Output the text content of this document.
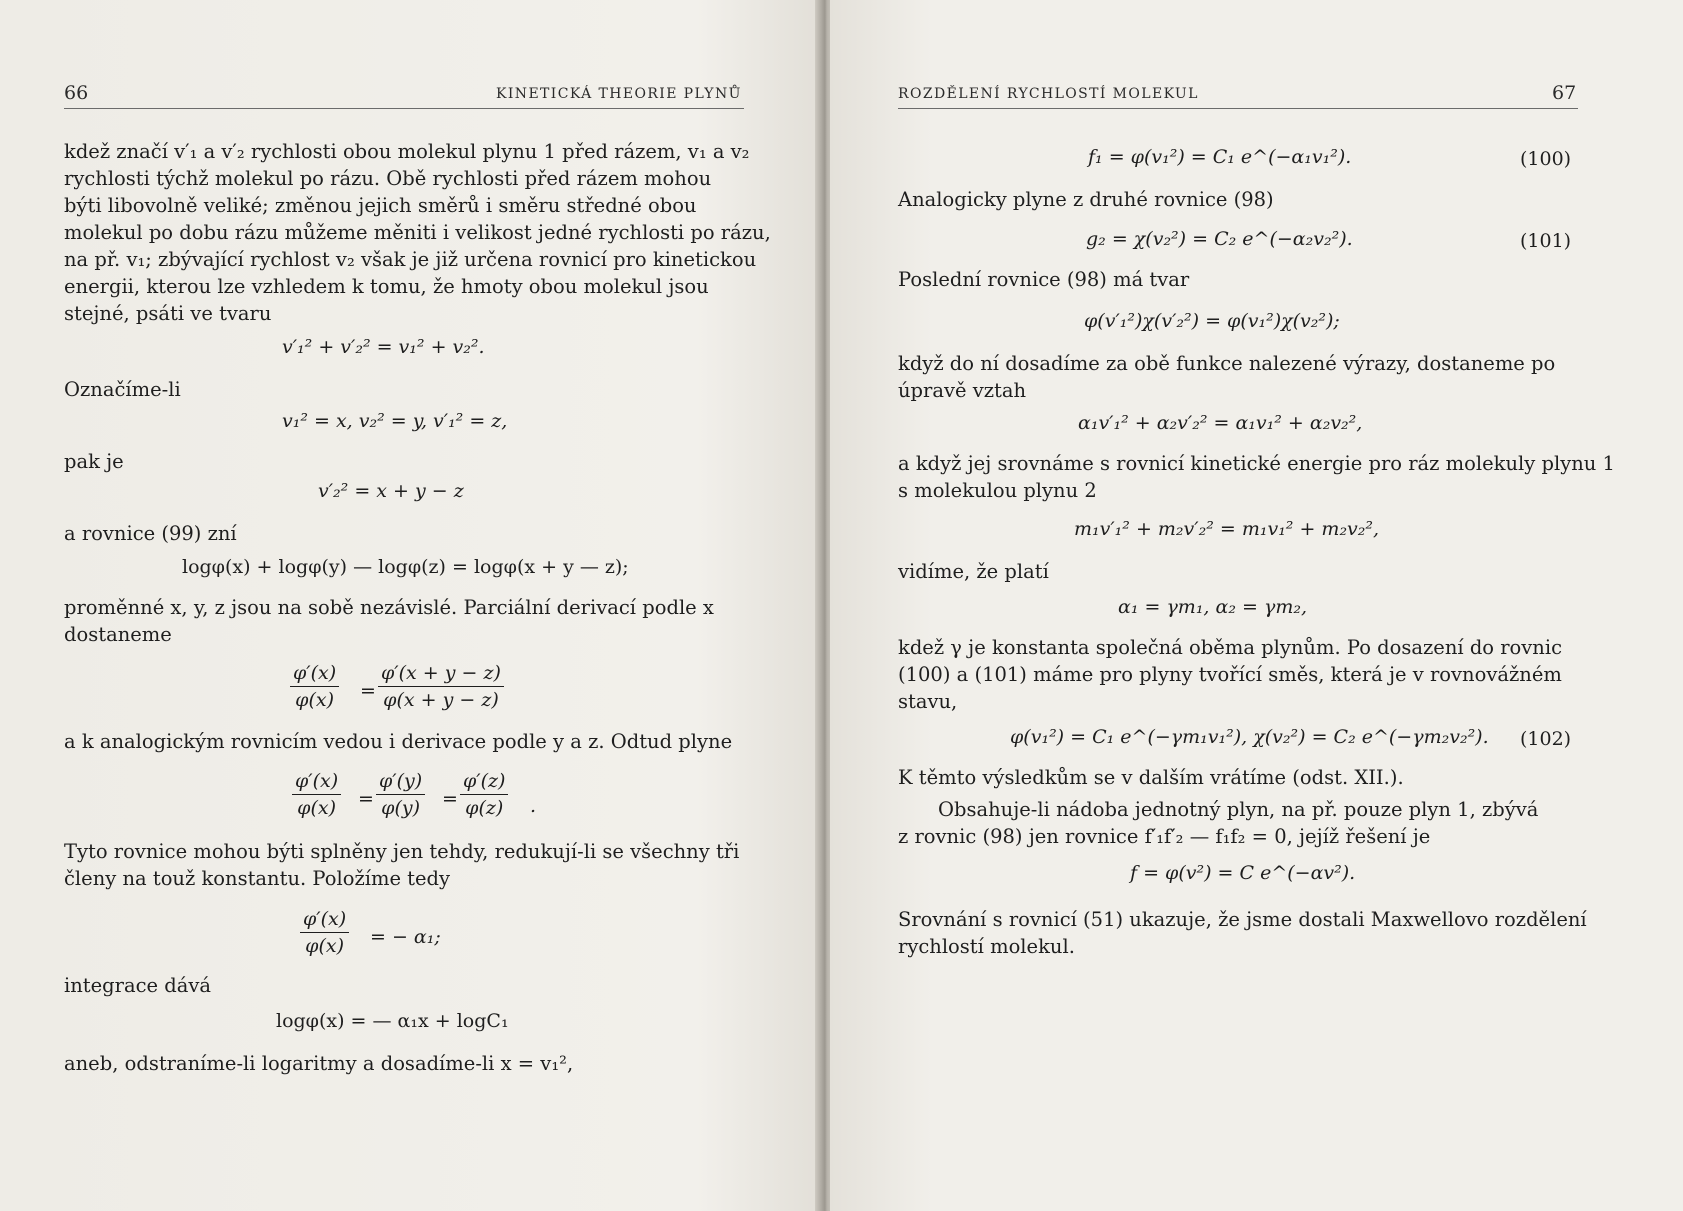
66	KINETICKÁ THEORIE PLYNŮ
kdež značí v′₁ a v′₂ rychlosti obou molekul plynu 1 před rázem, v₁ a v₂
rychlosti týchž molekul po rázu. Obě rychlosti před rázem mohou
býti libovolně veliké; změnou jejich směrů i směru středné obou
molekul po dobu rázu můžeme měniti i velikost jedné rychlosti po rázu,
na př. v₁; zbývající rychlost v₂ však je již určena rovnicí pro kinetickou
energii, kterou lze vzhledem k tomu, že hmoty obou molekul jsou
stejné, psáti ve tvaru
v′₁² + v′₂² = v₁² + v₂².
Označíme-li
v₁² = x, v₂² = y, v′₁² = z,
pak je
v′₂² = x + y − z
a rovnice (99) zní
logφ(x) + logφ(y) — logφ(z) = logφ(x + y — z);
proměnné x, y, z jsou na sobě nezávislé. Parciální derivací podle x
dostaneme
$\frac{\varphi'(x)}{\varphi(x)} = \frac{\varphi'(x + y - z)}{\varphi(x + y - z)}$
a k analogickým rovnicím vedou i derivace podle y a z. Odtud plyne
$\frac{\varphi'(x)}{\varphi(x)} = \frac{\varphi'(y)}{\varphi(y)} = \frac{\varphi'(z)}{\varphi(z)}$ .
Tyto rovnice mohou býti splněny jen tehdy, redukují-li se všechny tři
členy na touž konstantu. Položíme tedy
$\frac{\varphi'(x)}{\varphi(x)}$ = − α₁;
integrace dává
logφ(x) = — α₁x + logC₁
aneb, odstraníme-li logaritmy a dosadíme-li x = v₁²,
ROZDĚLENÍ RYCHLOSTÍ MOLEKUL	67
f₁ = φ(v₁²) = C₁ e^(−α₁v₁²).	(100)
Analogicky plyne z druhé rovnice (98)
g₂ = χ(v₂²) = C₂ e^(−α₂v₂²).	(101)
Poslední rovnice (98) má tvar
φ(v′₁²)χ(v′₂²) = φ(v₁²)χ(v₂²);
když do ní dosadíme za obě funkce nalezené výrazy, dostaneme po
úpravě vztah
α₁v′₁² + α₂v′₂² = α₁v₁² + α₂v₂²,
a když jej srovnáme s rovnicí kinetické energie pro ráz molekuly plynu 1
s molekulou plynu 2
m₁v′₁² + m₂v′₂² = m₁v₁² + m₂v₂²,
vidíme, že platí
α₁ = γm₁, α₂ = γm₂,
kdež γ je konstanta společná oběma plynům. Po dosazení do rovnic
(100) a (101) máme pro plyny tvořící směs, která je v rovnovážném
stavu,
φ(v₁²) = C₁ e^(−γm₁v₁²), χ(v₂²) = C₂ e^(−γm₂v₂²). (102)
K těmto výsledkům se v dalším vrátíme (odst. XII.).
Obsahuje-li nádoba jednotný plyn, na př. pouze plyn 1, zbývá
z rovnic (98) jen rovnice f′₁f′₂ — f₁f₂ = 0, jejíž řešení je
f = φ(v²) = C e^(−αv²).
Srovnání s rovnicí (51) ukazuje, že jsme dostali Maxwellovo rozdělení
rychlostí molekul.
